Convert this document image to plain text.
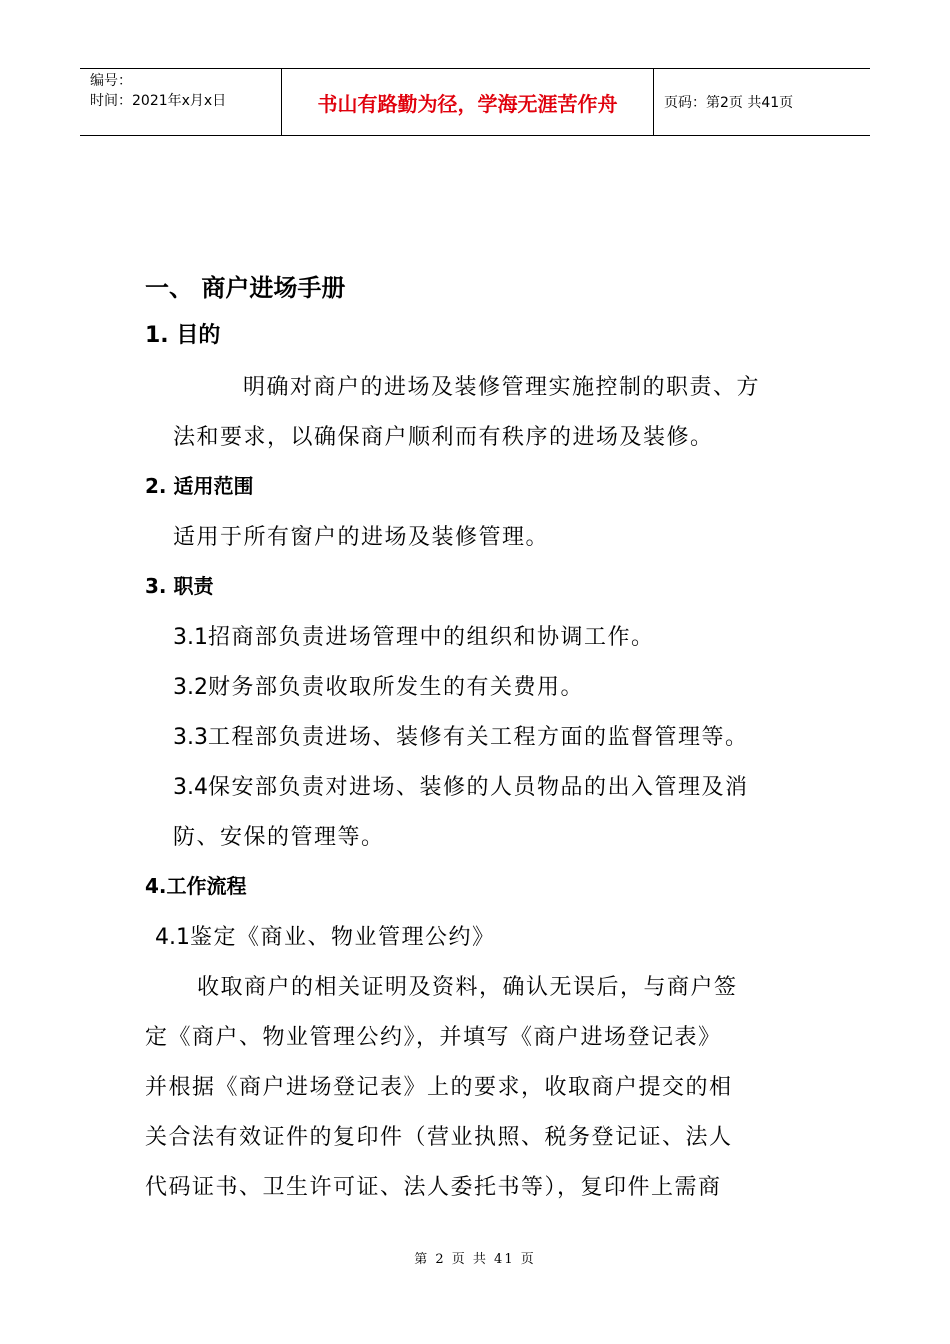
编号：
时间：2021年x月x日	书山有路勤为径，学海无涯苦作舟	页码：第2页 共41页
一、 商户进场手册
1. 目的
明确对商户的进场及装修管理实施控制的职责、方
法和要求，以确保商户顺利而有秩序的进场及装修。
2. 适用范围
适用于所有窗户的进场及装修管理。
3. 职责
3.1招商部负责进场管理中的组织和协调工作。
3.2财务部负责收取所发生的有关费用。
3.3工程部负责进场、装修有关工程方面的监督管理等。
3.4保安部负责对进场、装修的人员物品的出入管理及消
防、安保的管理等。
4.工作流程
4.1鉴定《商业、物业管理公约》
收取商户的相关证明及资料，确认无误后，与商户签
定《商户、物业管理公约》，并填写《商户进场登记表》
并根据《商户进场登记表》上的要求，收取商户提交的相
关合法有效证件的复印件（营业执照、税务登记证、法人
代码证书、卫生许可证、法人委托书等），复印件上需商
第 2 页 共 41 页
